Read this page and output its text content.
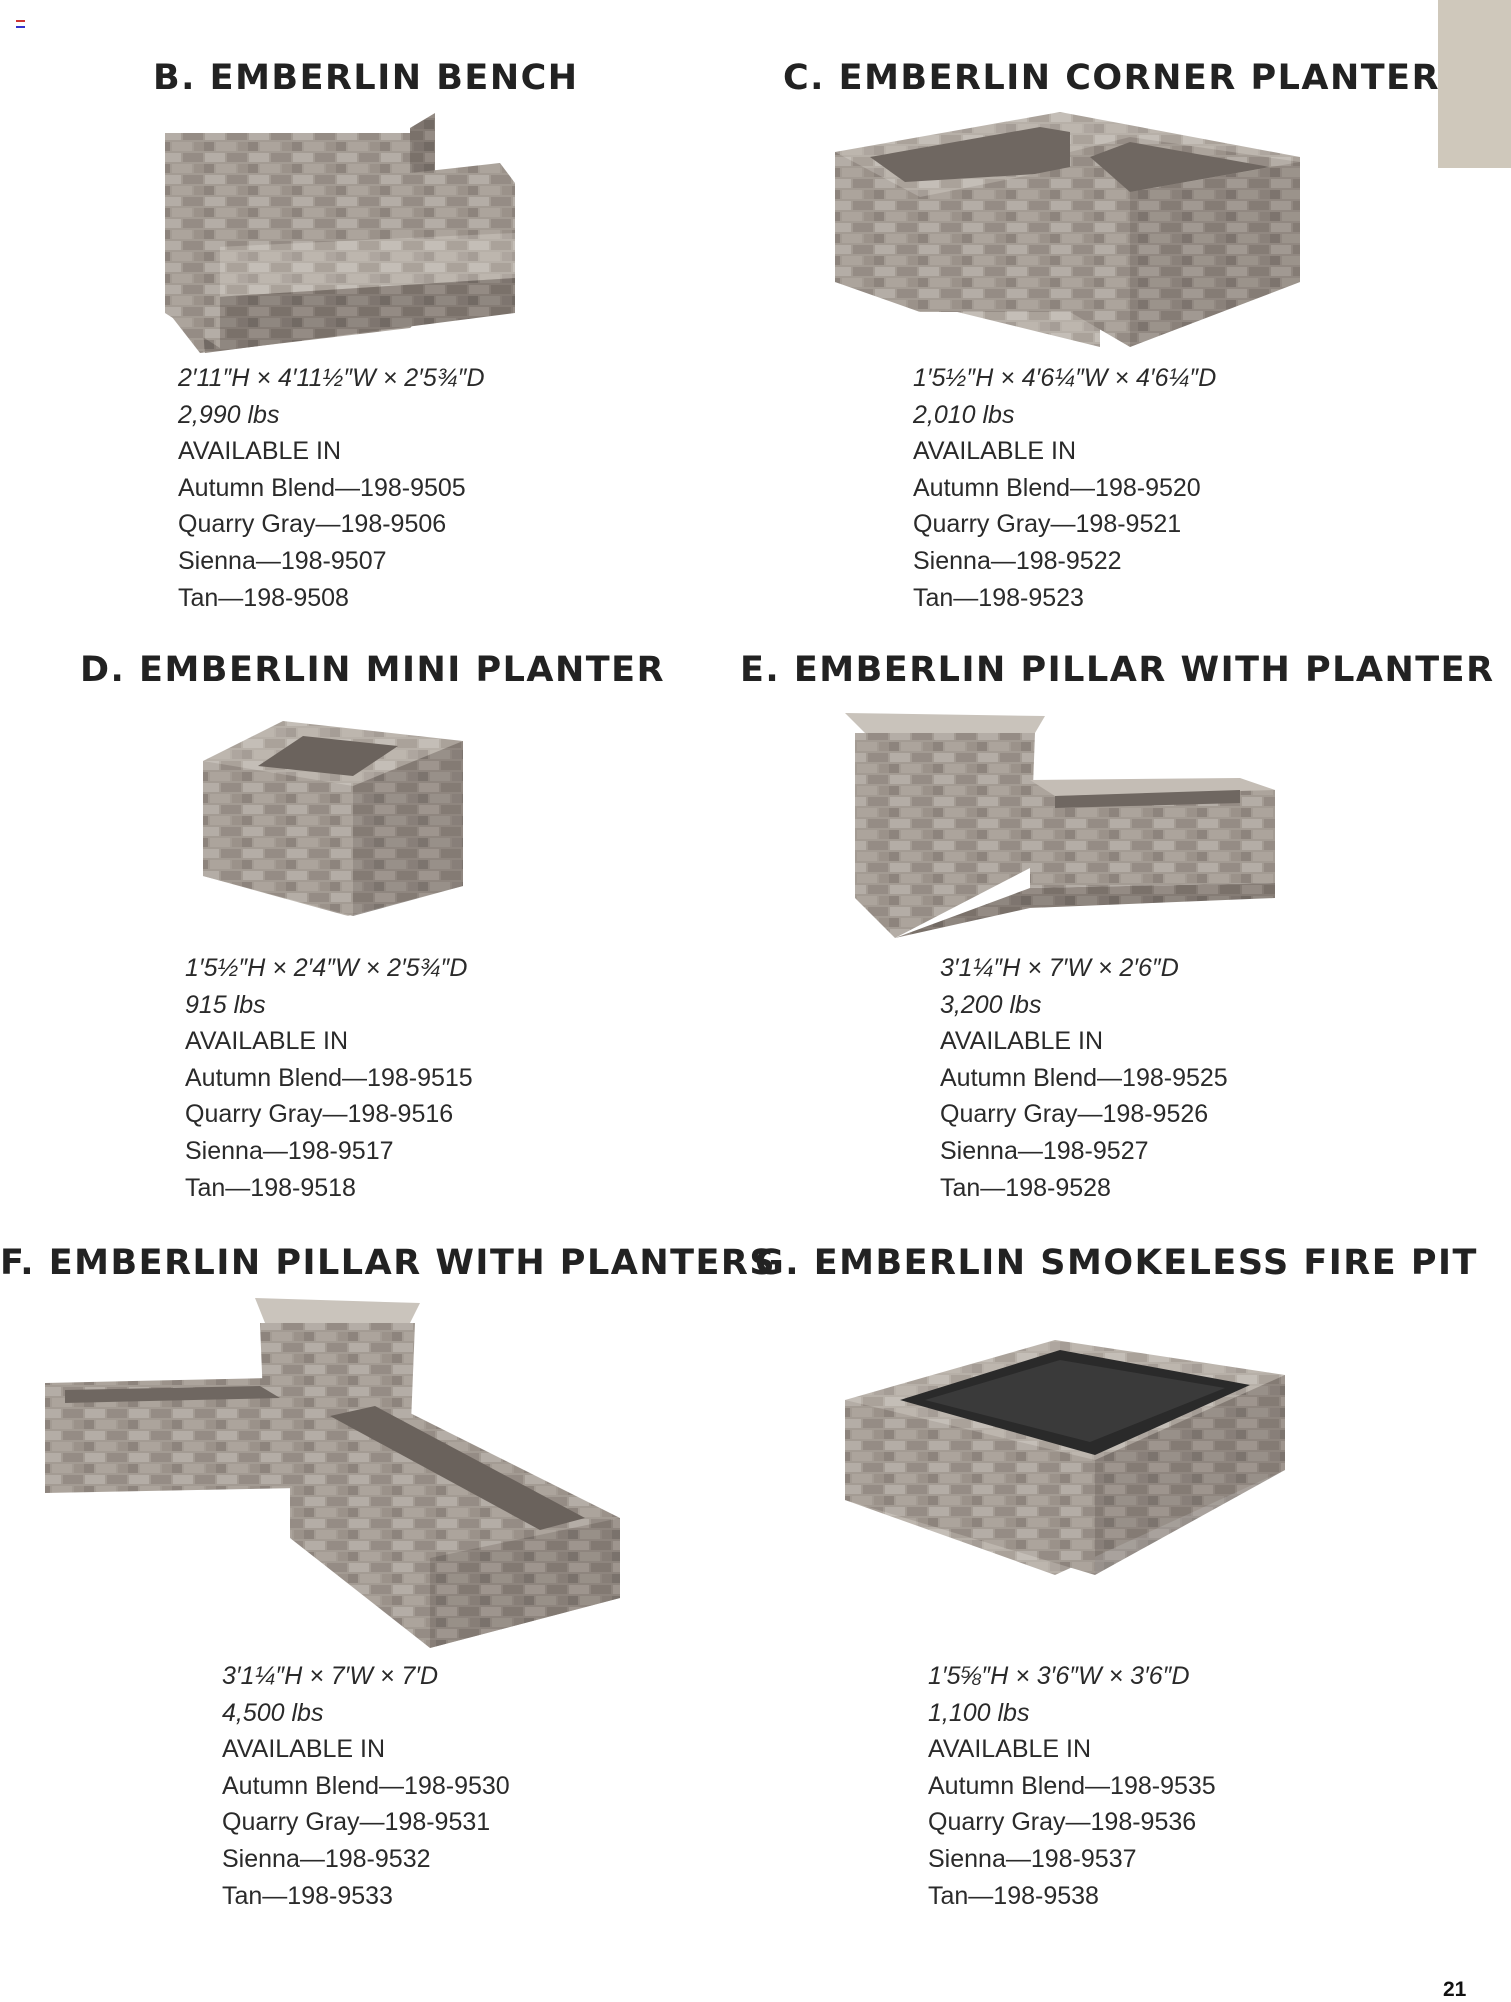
B. EMBERLIN BENCH
2′11″H × 4′11½″W × 2′5¾″D
2,990 lbs
AVAILABLE IN
Autumn Blend—198-9505
Quarry Gray—198-9506
Sienna—198-9507
Tan—198-9508
C. EMBERLIN CORNER PLANTER
1′5½″H × 4′6¼″W × 4′6¼″D
2,010 lbs
AVAILABLE IN
Autumn Blend—198-9520
Quarry Gray—198-9521
Sienna—198-9522
Tan—198-9523
D. EMBERLIN MINI PLANTER
1′5½″H × 2′4″W × 2′5¾″D
915 lbs
AVAILABLE IN
Autumn Blend—198-9515
Quarry Gray—198-9516
Sienna—198-9517
Tan—198-9518
E. EMBERLIN PILLAR WITH PLANTER
3′1¼″H × 7′W × 2′6″D
3,200 lbs
AVAILABLE IN
Autumn Blend—198-9525
Quarry Gray—198-9526
Sienna—198-9527
Tan—198-9528
F. EMBERLIN PILLAR WITH PLANTERS
3′1¼″H × 7′W × 7′D
4,500 lbs
AVAILABLE IN
Autumn Blend—198-9530
Quarry Gray—198-9531
Sienna—198-9532
Tan—198-9533
G. EMBERLIN SMOKELESS FIRE PIT
1′5⅝″H × 3′6″W × 3′6″D
1,100 lbs
AVAILABLE IN
Autumn Blend—198-9535
Quarry Gray—198-9536
Sienna—198-9537
Tan—198-9538
21
